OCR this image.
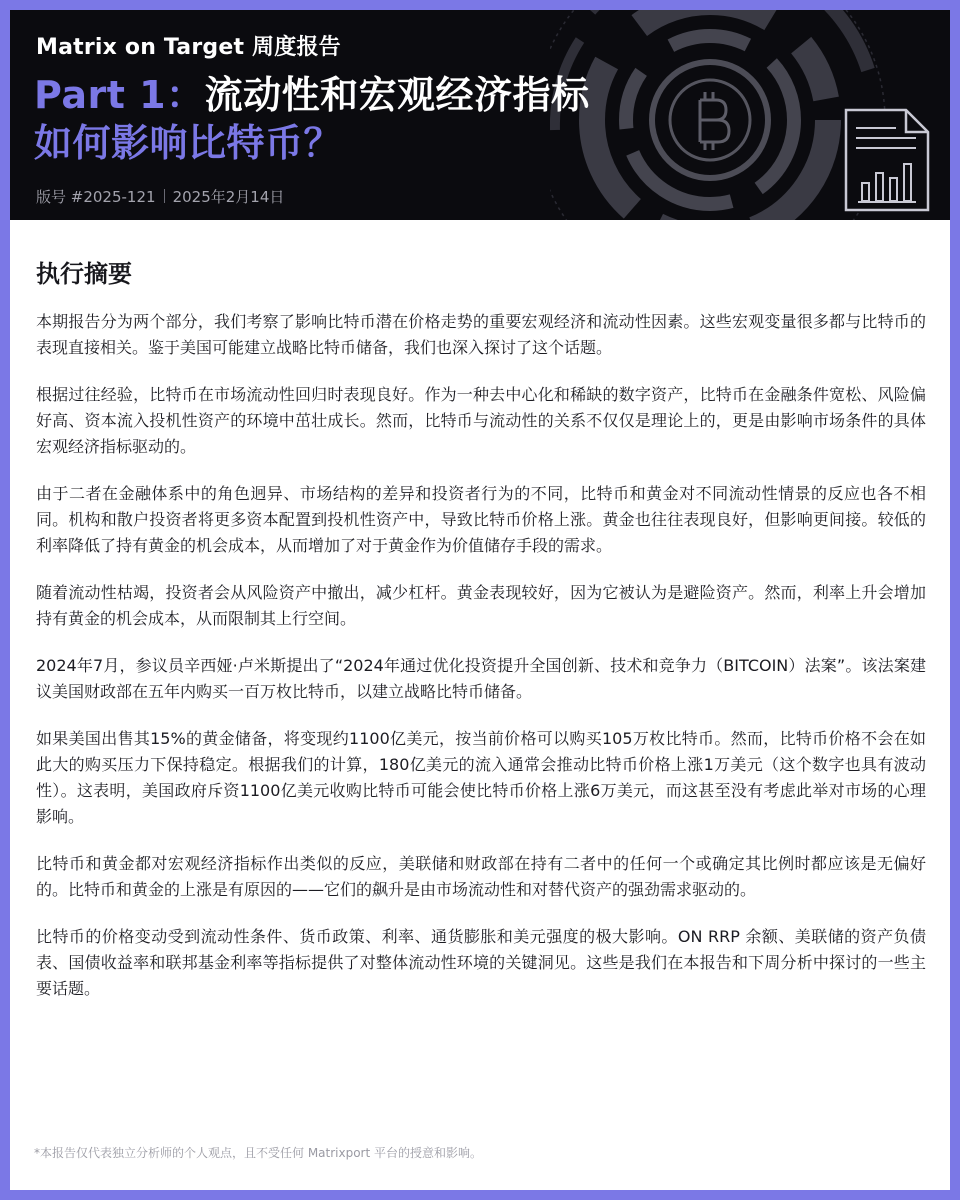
Matrix on Target 周度报告
Part 1：流动性和宏观经济指标
如何影响比特币？
版号 #2025-121 2025年2月14日
执行摘要

本期报告分为两个部分，我们考察了影响比特币潜在价格走势的重要宏观经济和流动性因素。这些宏观变量很多都与比特币的表现直接相关。鉴于美国可能建立战略比特币储备，我们也深入探讨了这个话题。

根据过往经验，比特币在市场流动性回归时表现良好。作为一种去中心化和稀缺的数字资产，比特币在金融条件宽松、风险偏好高、资本流入投机性资产的环境中茁壮成长。然而，比特币与流动性的关系不仅仅是理论上的，更是由影响市场条件的具体宏观经济指标驱动的。

由于二者在金融体系中的角色迥异、市场结构的差异和投资者行为的不同，比特币和黄金对不同流动性情景的反应也各不相同。机构和散户投资者将更多资本配置到投机性资产中，导致比特币价格上涨。黄金也往往表现良好，但影响更间接。较低的利率降低了持有黄金的机会成本，从而增加了对于黄金作为价值储存手段的需求。

随着流动性枯竭，投资者会从风险资产中撤出，减少杠杆。黄金表现较好，因为它被认为是避险资产。然而，利率上升会增加持有黄金的机会成本，从而限制其上行空间。

2024年7月，参议员辛西娅·卢米斯提出了“2024年通过优化投资提升全国创新、技术和竞争力（BITCOIN）法案”。该法案建议美国财政部在五年内购买一百万枚比特币，以建立战略比特币储备。

如果美国出售其15%的黄金储备，将变现约1100亿美元，按当前价格可以购买105万枚比特币。然而，比特币价格不会在如此大的购买压力下保持稳定。根据我们的计算，180亿美元的流入通常会推动比特币价格上涨1万美元（这个数字也具有波动性）。这表明，美国政府斥资1100亿美元收购比特币可能会使比特币价格上涨6万美元，而这甚至没有考虑此举对市场的心理影响。

比特币和黄金都对宏观经济指标作出类似的反应，美联储和财政部在持有二者中的任何一个或确定其比例时都应该是无偏好的。比特币和黄金的上涨是有原因的——它们的飙升是由市场流动性和对替代资产的强劲需求驱动的。

比特币的价格变动受到流动性条件、货币政策、利率、通货膨胀和美元强度的极大影响。ON RRP 余额、美联储的资产负债表、国债收益率和联邦基金利率等指标提供了对整体流动性环境的关键洞见。这些是我们在本报告和下周分析中探讨的一些主要话题。

*本报告仅代表独立分析师的个人观点，且不受任何 Matrixport 平台的授意和影响。
